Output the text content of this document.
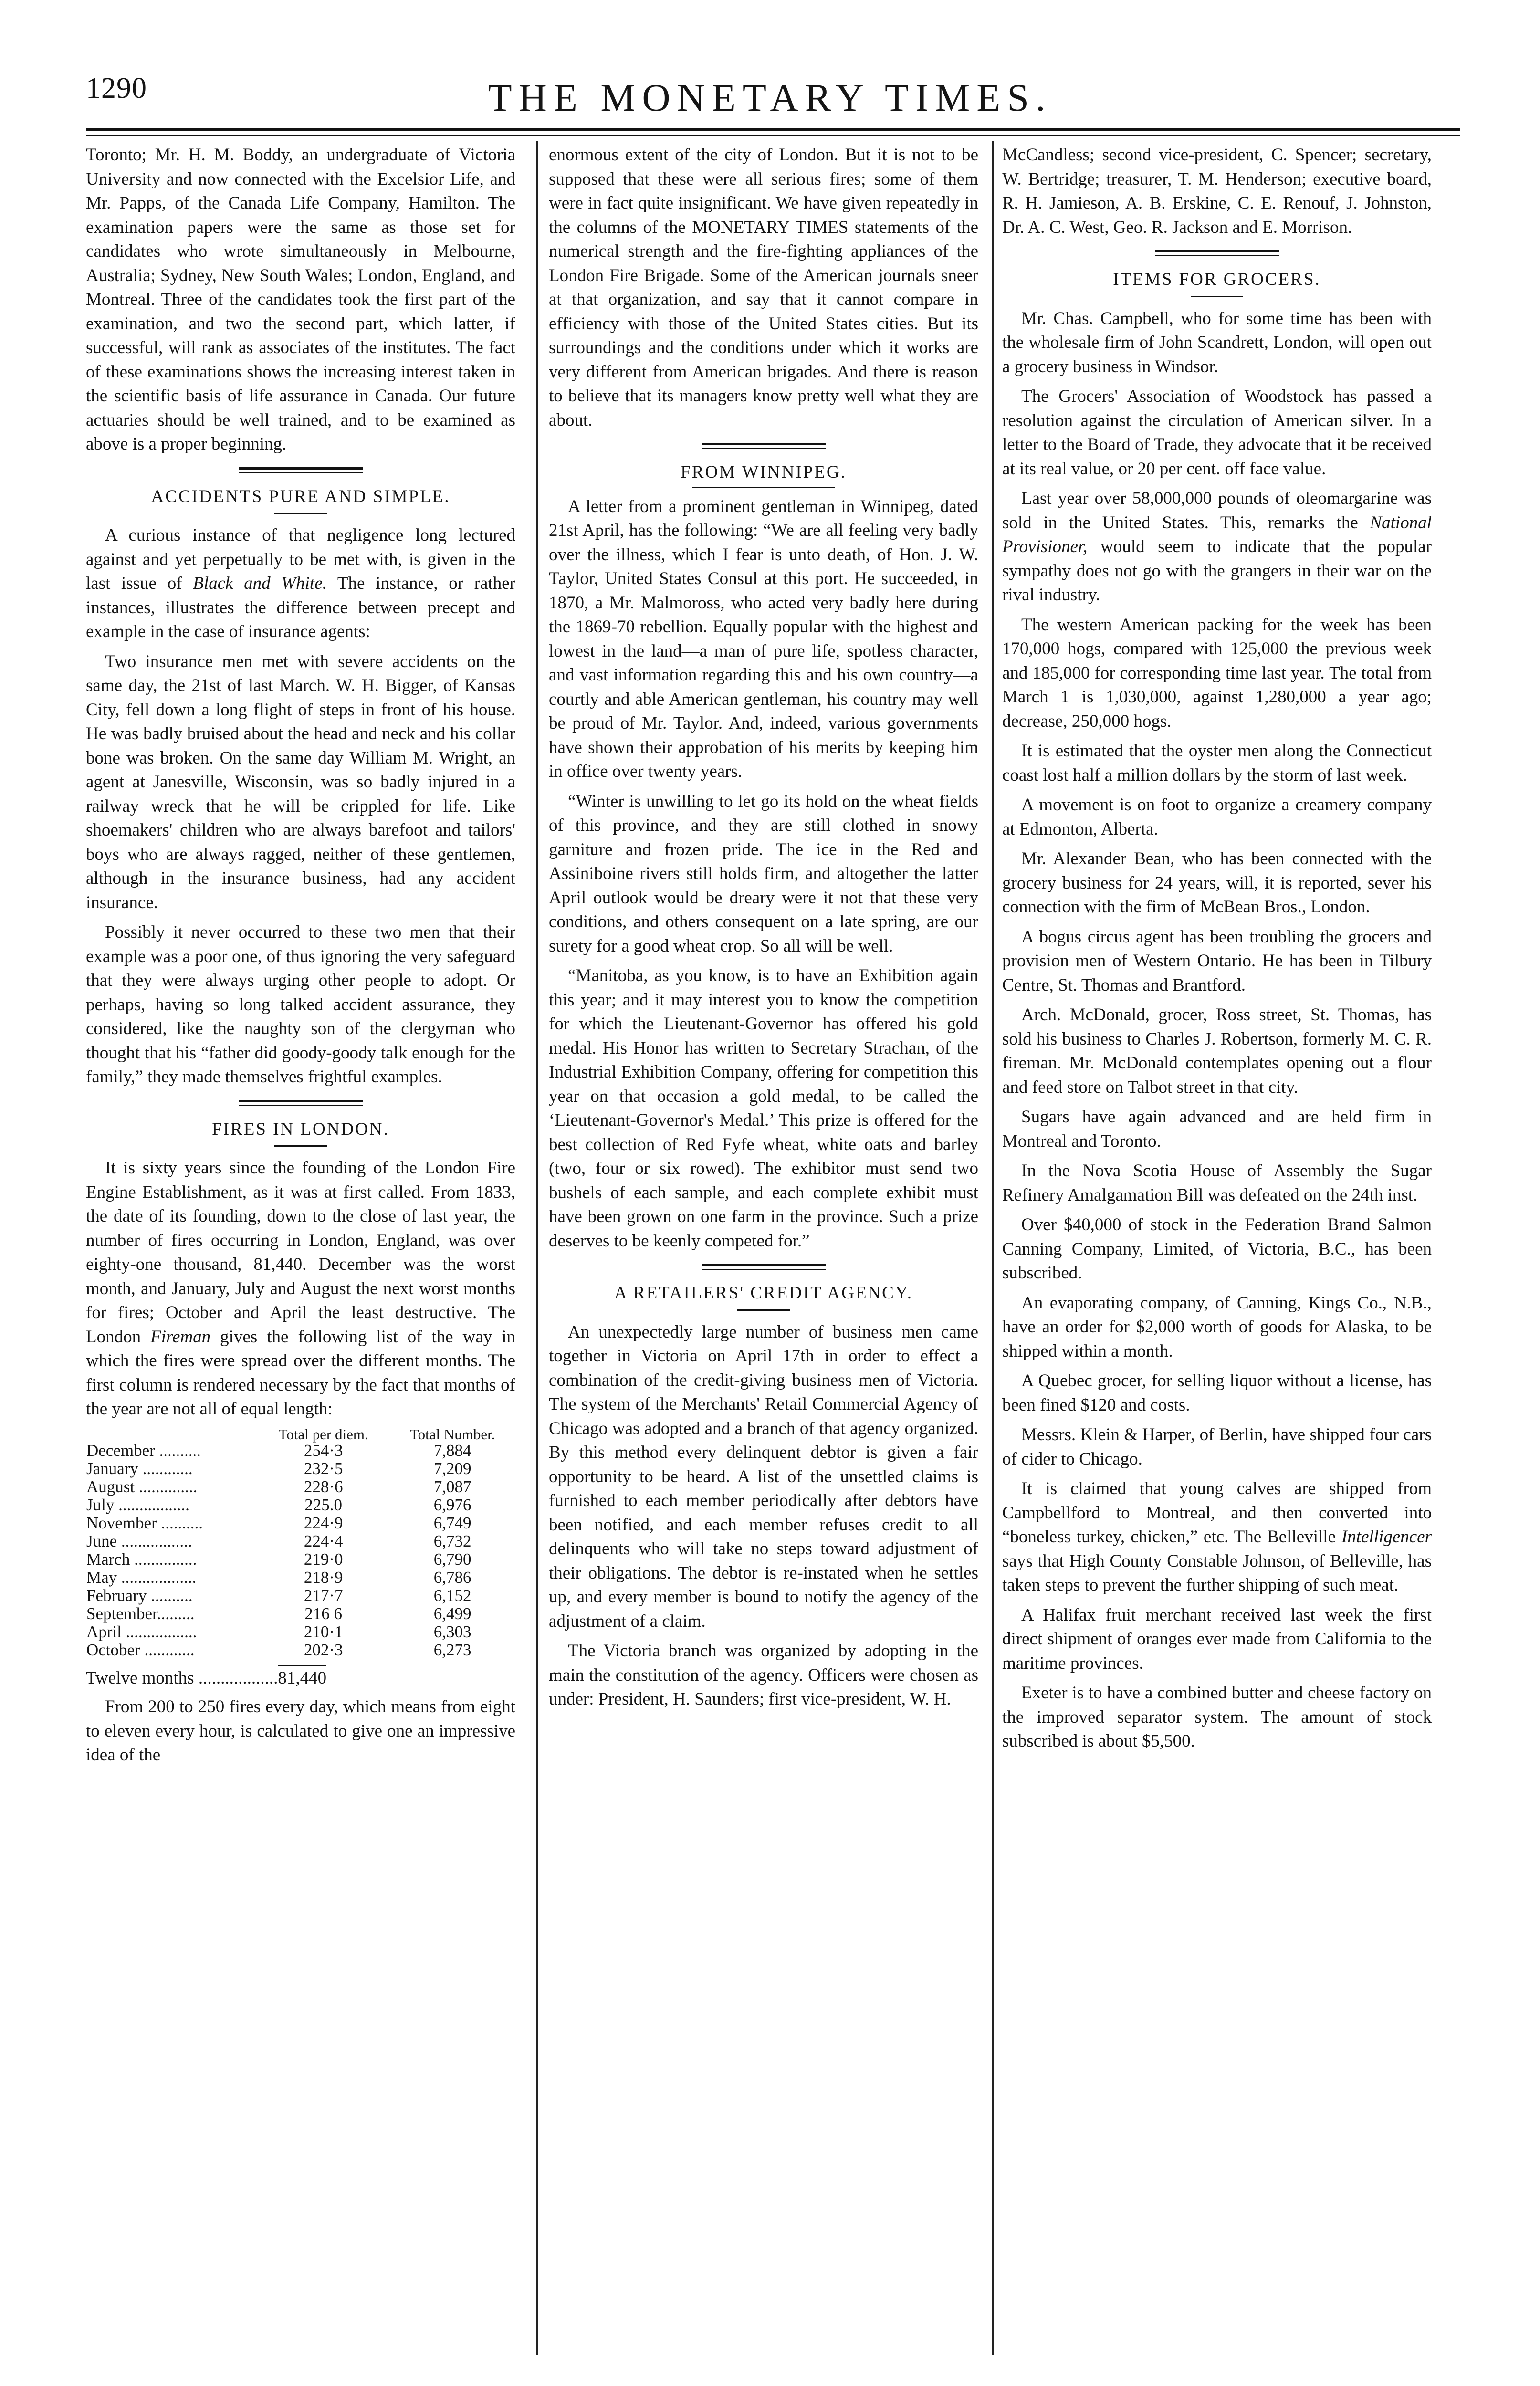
1290	THE MONETARY TIMES.

Toronto; Mr. H. M. Boddy, an undergraduate of Victoria University and now connected with the Excelsior Life, and Mr. Papps, of the Canada Life Company, Hamilton. The examination papers were the same as those set for candidates who wrote simultaneously in Melbourne, Australia; Sydney, New South Wales; London, England, and Montreal. Three of the candidates took the first part of the examination, and two the second part, which latter, if successful, will rank as associates of the institutes. The fact of these examinations shows the increasing interest taken in the scientific basis of life assurance in Canada. Our future actuaries should be well trained, and to be examined as above is a proper beginning.

ACCIDENTS PURE AND SIMPLE.

A curious instance of that negligence long lectured against and yet perpetually to be met with, is given in the last issue of Black and White. The instance, or rather instances, illustrates the difference between precept and example in the case of insurance agents:

Two insurance men met with severe accidents on the same day, the 21st of last March. W. H. Bigger, of Kansas City, fell down a long flight of steps in front of his house. He was badly bruised about the head and neck and his collar bone was broken. On the same day William M. Wright, an agent at Janesville, Wisconsin, was so badly injured in a railway wreck that he will be crippled for life. Like shoemakers' children who are always barefoot and tailors' boys who are always ragged, neither of these gentlemen, although in the insurance business, had any accident insurance.

Possibly it never occurred to these two men that their example was a poor one, of thus ignoring the very safeguard that they were always urging other people to adopt. Or perhaps, having so long talked accident assurance, they considered, like the naughty son of the clergyman who thought that his “father did goody-goody talk enough for the family,” they made themselves frightful examples.

FIRES IN LONDON.

It is sixty years since the founding of the London Fire Engine Establishment, as it was at first called. From 1833, the date of its founding, down to the close of last year, the number of fires occurring in London, England, was over eighty-one thousand, 81,440. December was the worst month, and January, July and August the next worst months for fires; October and April the least destructive. The London Fireman gives the following list of the way in which the fires were spread over the different months. The first column is rendered necessary by the fact that months of the year are not all of equal length:

	Total per diem.	Total Number.
December ..........	254·3	7,884
January ............	232·5	7,209
August ..............	228·6	7,087
July .................	225.0	6,976
November ..........	224·9	6,749
June .................	224·4	6,732
March ...............	219·0	6,790
May ..................	218·9	6,786
February ..........	217·7	6,152
September.........	216 6	6,499
April .................	210·1	6,303
October ............	202·3	6,273
Twelve months ..................81,440

From 200 to 250 fires every day, which means from eight to eleven every hour, is calculated to give one an impressive idea of the

enormous extent of the city of London. But it is not to be supposed that these were all serious fires; some of them were in fact quite insignificant. We have given repeatedly in the columns of the MONETARY TIMES statements of the numerical strength and the fire-fighting appliances of the London Fire Brigade. Some of the American journals sneer at that organization, and say that it cannot compare in efficiency with those of the United States cities. But its surroundings and the conditions under which it works are very different from American brigades. And there is reason to believe that its managers know pretty well what they are about.

FROM WINNIPEG.

A letter from a prominent gentleman in Winnipeg, dated 21st April, has the following: “We are all feeling very badly over the illness, which I fear is unto death, of Hon. J. W. Taylor, United States Consul at this port. He succeeded, in 1870, a Mr. Malmoross, who acted very badly here during the 1869-70 rebellion. Equally popular with the highest and lowest in the land—a man of pure life, spotless character, and vast information regarding this and his own country—a courtly and able American gentleman, his country may well be proud of Mr. Taylor. And, indeed, various governments have shown their approbation of his merits by keeping him in office over twenty years.

“Winter is unwilling to let go its hold on the wheat fields of this province, and they are still clothed in snowy garniture and frozen pride. The ice in the Red and Assiniboine rivers still holds firm, and altogether the latter April outlook would be dreary were it not that these very conditions, and others consequent on a late spring, are our surety for a good wheat crop. So all will be well.

“Manitoba, as you know, is to have an Exhibition again this year; and it may interest you to know the competition for which the Lieutenant-Governor has offered his gold medal. His Honor has written to Secretary Strachan, of the Industrial Exhibition Company, offering for competition this year on that occasion a gold medal, to be called the ‘Lieutenant-Governor's Medal.’ This prize is offered for the best collection of Red Fyfe wheat, white oats and barley (two, four or six rowed). The exhibitor must send two bushels of each sample, and each complete exhibit must have been grown on one farm in the province. Such a prize deserves to be keenly competed for.”

A RETAILERS' CREDIT AGENCY.

An unexpectedly large number of business men came together in Victoria on April 17th in order to effect a combination of the credit-giving business men of Victoria. The system of the Merchants' Retail Commercial Agency of Chicago was adopted and a branch of that agency organized. By this method every delinquent debtor is given a fair opportunity to be heard. A list of the unsettled claims is furnished to each member periodically after debtors have been notified, and each member refuses credit to all delinquents who will take no steps toward adjustment of their obligations. The debtor is re-instated when he settles up, and every member is bound to notify the agency of the adjustment of a claim.

The Victoria branch was organized by adopting in the main the constitution of the agency. Officers were chosen as under: President, H. Saunders; first vice-president, W. H.

McCandless; second vice-president, C. Spencer; secretary, W. Bertridge; treasurer, T. M. Henderson; executive board, R. H. Jamieson, A. B. Erskine, C. E. Renouf, J. Johnston, Dr. A. C. West, Geo. R. Jackson and E. Morrison.

ITEMS FOR GROCERS.

Mr. Chas. Campbell, who for some time has been with the wholesale firm of John Scandrett, London, will open out a grocery business in Windsor.

The Grocers' Association of Woodstock has passed a resolution against the circulation of American silver. In a letter to the Board of Trade, they advocate that it be received at its real value, or 20 per cent. off face value.

Last year over 58,000,000 pounds of oleomargarine was sold in the United States. This, remarks the National Provisioner, would seem to indicate that the popular sympathy does not go with the grangers in their war on the rival industry.

The western American packing for the week has been 170,000 hogs, compared with 125,000 the previous week and 185,000 for corresponding time last year. The total from March 1 is 1,030,000, against 1,280,000 a year ago; decrease, 250,000 hogs.

It is estimated that the oyster men along the Connecticut coast lost half a million dollars by the storm of last week.

A movement is on foot to organize a creamery company at Edmonton, Alberta.

Mr. Alexander Bean, who has been connected with the grocery business for 24 years, will, it is reported, sever his connection with the firm of McBean Bros., London.

A bogus circus agent has been troubling the grocers and provision men of Western Ontario. He has been in Tilbury Centre, St. Thomas and Brantford.

Arch. McDonald, grocer, Ross street, St. Thomas, has sold his business to Charles J. Robertson, formerly M. C. R. fireman. Mr. McDonald contemplates opening out a flour and feed store on Talbot street in that city.

Sugars have again advanced and are held firm in Montreal and Toronto.

In the Nova Scotia House of Assembly the Sugar Refinery Amalgamation Bill was defeated on the 24th inst.

Over $40,000 of stock in the Federation Brand Salmon Canning Company, Limited, of Victoria, B.C., has been subscribed.

An evaporating company, of Canning, Kings Co., N.B., have an order for $2,000 worth of goods for Alaska, to be shipped within a month.

A Quebec grocer, for selling liquor without a license, has been fined $120 and costs.

Messrs. Klein & Harper, of Berlin, have shipped four cars of cider to Chicago.

It is claimed that young calves are shipped from Campbellford to Montreal, and then converted into “boneless turkey, chicken,” etc. The Belleville Intelligencer says that High County Constable Johnson, of Belleville, has taken steps to prevent the further shipping of such meat.

A Halifax fruit merchant received last week the first direct shipment of oranges ever made from California to the maritime provinces.

Exeter is to have a combined butter and cheese factory on the improved separator system. The amount of stock subscribed is about $5,500.
